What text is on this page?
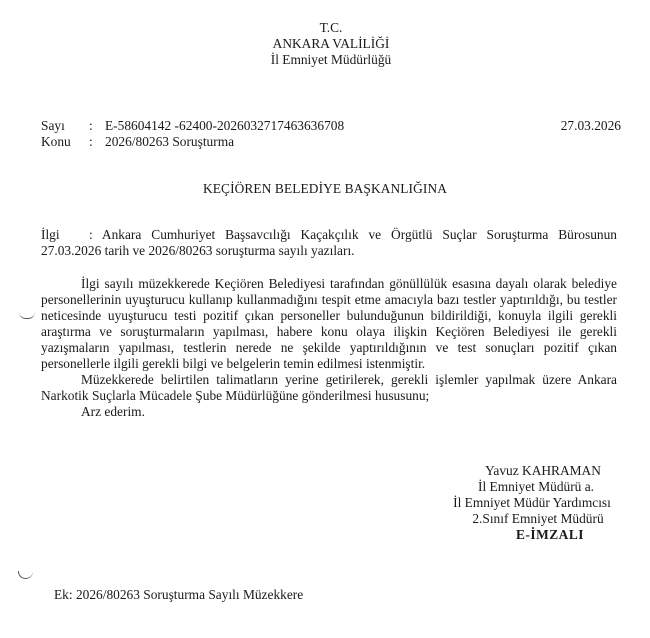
T.C.
ANKARA VALİLİĞİ
İl Emniyet Müdürlüğü
Sayı	: E-58604142 -62400-2026032717463636708
Konu	: 2026/80263 Soruşturma
27.03.2026
KEÇİÖREN BELEDİYE BAŞKANLIĞINA
İlgi	: Ankara Cumhuriyet Başsavcılığı Kaçakçılık ve Örgütlü Suçlar Soruşturma Bürosunun
27.03.2026 tarih ve 2026/80263 soruşturma sayılı yazıları.

İlgi sayılı müzekkerede Keçiören Belediyesi tarafından gönüllülük esasına dayalı olarak belediye personellerinin uyuşturucu kullanıp kullanmadığını tespit etme amacıyla bazı testler yaptırıldığı, bu testler neticesinde uyuşturucu testi pozitif çıkan personeller bulunduğunun bildirildiği, konuyla ilgili gerekli araştırma ve soruşturmaların yapılması, habere konu olaya ilişkin Keçiören Belediyesi ile gerekli yazışmaların yapılması, testlerin nerede ne şekilde yaptırıldığının ve test sonuçları pozitif çıkan personellerle ilgili gerekli bilgi ve belgelerin temin edilmesi istenmiştir.

Müzekkerede belirtilen talimatların yerine getirilerek, gerekli işlemler yapılmak üzere Ankara Narkotik Suçlarla Mücadele Şube Müdürlüğüne gönderilmesi hususunu;

Arz ederim.

Yavuz KAHRAMAN
İl Emniyet Müdürü a.
İl Emniyet Müdür Yardımcısı
2.Sınıf Emniyet Müdürü
E-İMZALI
Ek: 2026/80263 Soruşturma Sayılı Müzekkere
